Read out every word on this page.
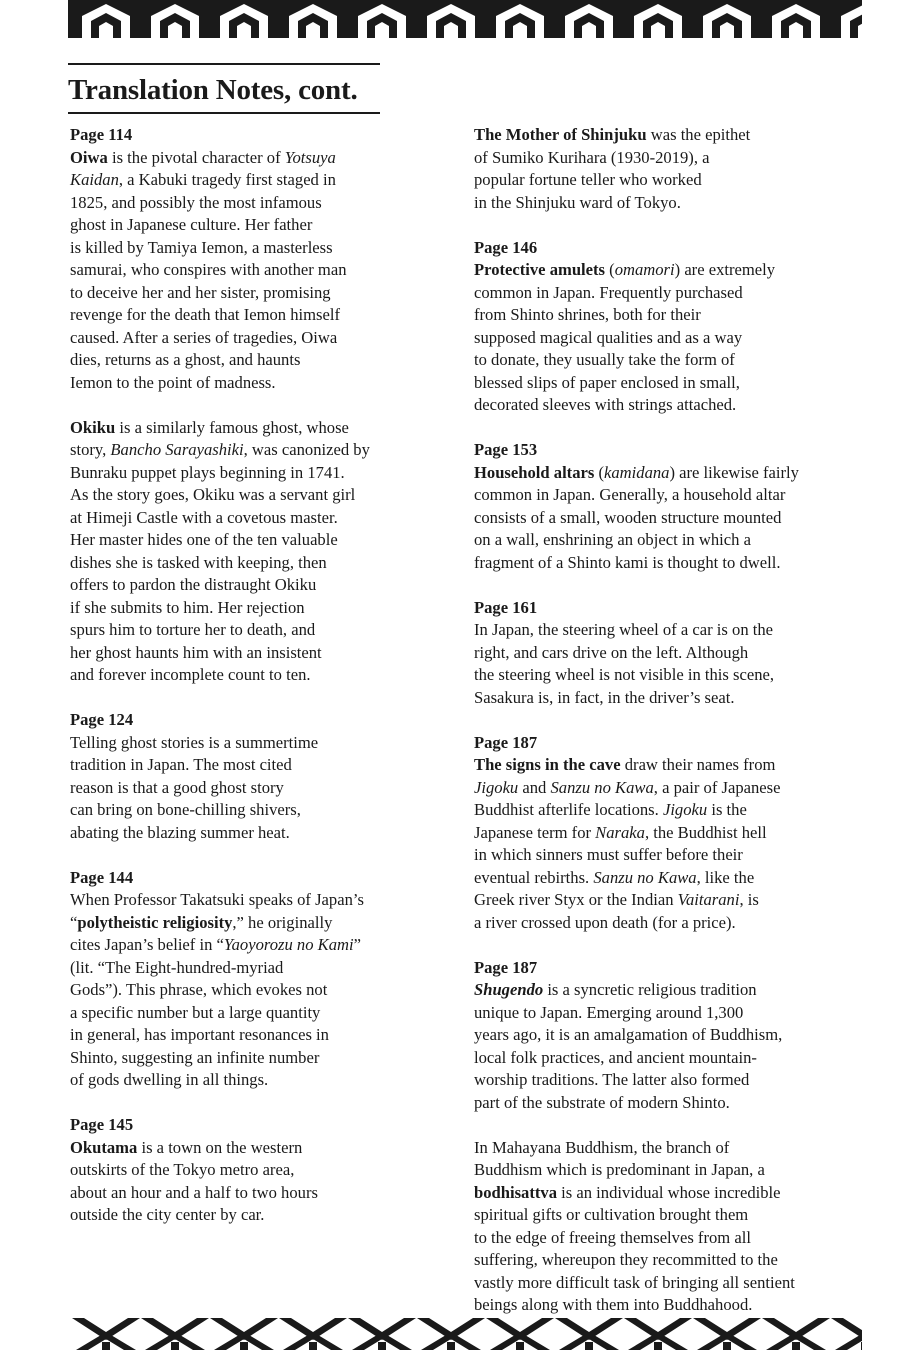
Translation Notes, cont.
Page 114

Oiwa is the pivotal character of Yotsuya
Kaidan, a Kabuki tragedy first staged in
1825, and possibly the most infamous
ghost in Japanese culture. Her father
is killed by Tamiya Iemon, a masterless
samurai, who conspires with another man
to deceive her and her sister, promising
revenge for the death that Iemon himself
caused. After a series of tragedies, Oiwa
dies, returns as a ghost, and haunts
Iemon to the point of madness.

Okiku is a similarly famous ghost, whose
story, Bancho Sarayashiki, was canonized by
Bunraku puppet plays beginning in 1741.
As the story goes, Okiku was a servant girl
at Himeji Castle with a covetous master.
Her master hides one of the ten valuable
dishes she is tasked with keeping, then
offers to pardon the distraught Okiku
if she submits to him. Her rejection
spurs him to torture her to death, and
her ghost haunts him with an insistent
and forever incomplete count to ten.

Page 124

Telling ghost stories is a summertime
tradition in Japan. The most cited
reason is that a good ghost story
can bring on bone-chilling shivers,
abating the blazing summer heat.

Page 144

When Professor Takatsuki speaks of Japan’s
“polytheistic religiosity,” he originally
cites Japan’s belief in “Yaoyorozu no Kami”
(lit. “The Eight-hundred-myriad
Gods”). This phrase, which evokes not
a specific number but a large quantity
in general, has important resonances in
Shinto, suggesting an infinite number
of gods dwelling in all things.

Page 145

Okutama is a town on the western
outskirts of the Tokyo metro area,
about an hour and a half to two hours
outside the city center by car.

The Mother of Shinjuku was the epithet
of Sumiko Kurihara (1930-2019), a
popular fortune teller who worked
in the Shinjuku ward of Tokyo.

Page 146

Protective amulets (omamori) are extremely
common in Japan. Frequently purchased
from Shinto shrines, both for their
supposed magical qualities and as a way
to donate, they usually take the form of
blessed slips of paper enclosed in small,
decorated sleeves with strings attached.

Page 153

Household altars (kamidana) are likewise fairly
common in Japan. Generally, a household altar
consists of a small, wooden structure mounted
on a wall, enshrining an object in which a
fragment of a Shinto kami is thought to dwell.

Page 161

In Japan, the steering wheel of a car is on the
right, and cars drive on the left. Although
the steering wheel is not visible in this scene,
Sasakura is, in fact, in the driver’s seat.

Page 187

The signs in the cave draw their names from
Jigoku and Sanzu no Kawa, a pair of Japanese
Buddhist afterlife locations. Jigoku is the
Japanese term for Naraka, the Buddhist hell
in which sinners must suffer before their
eventual rebirths. Sanzu no Kawa, like the
Greek river Styx or the Indian Vaitarani, is
a river crossed upon death (for a price).

Page 187

Shugendo is a syncretic religious tradition
unique to Japan. Emerging around 1,300
years ago, it is an amalgamation of Buddhism,
local folk practices, and ancient mountain-
worship traditions. The latter also formed
part of the substrate of modern Shinto.

In Mahayana Buddhism, the branch of
Buddhism which is predominant in Japan, a
bodhisattva is an individual whose incredible
spiritual gifts or cultivation brought them
to the edge of freeing themselves from all
suffering, whereupon they recommitted to the
vastly more difficult task of bringing all sentient
beings along with them into Buddhahood.
